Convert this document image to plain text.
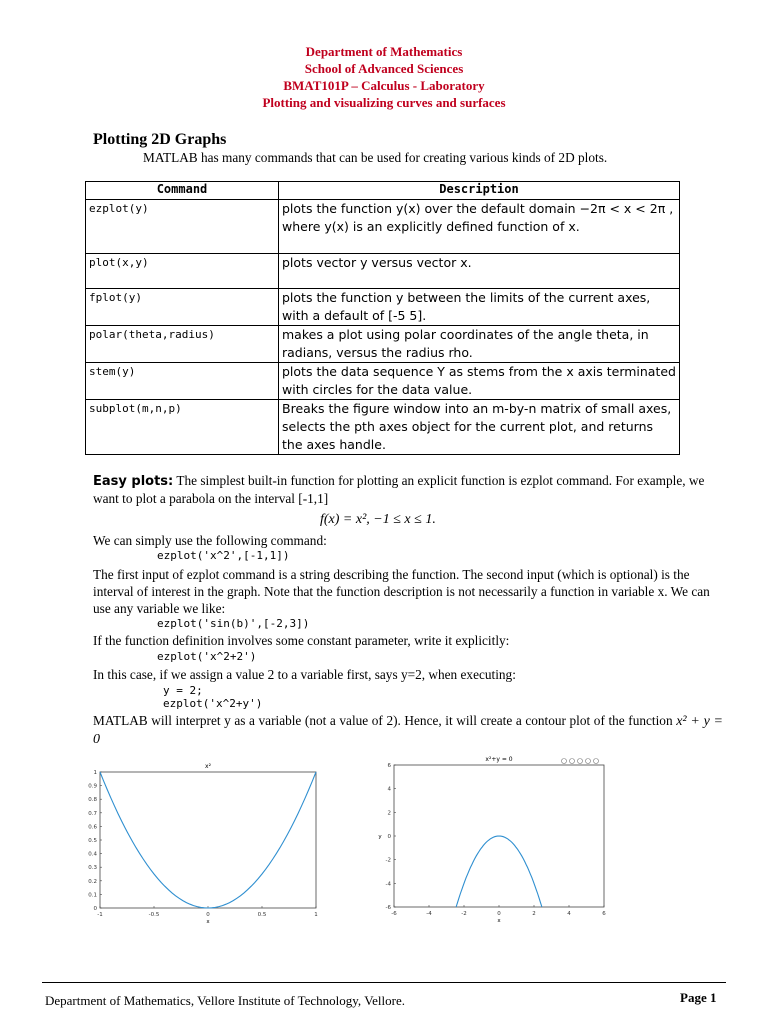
Department of Mathematics
School of Advanced Sciences
BMAT101P – Calculus - Laboratory
Plotting and visualizing curves and surfaces
Plotting 2D Graphs
MATLAB has many commands that can be used for creating various kinds of 2D plots.
Command	Description
ezplot(y)	plots the function y(x) over the default domain −2π < x < 2π , where y(x) is an explicitly defined function of x.
plot(x,y)	plots vector y versus vector x.
fplot(y)	plots the function y between the limits of the current axes, with a default of [-5 5].
polar(theta,radius)	makes a plot using polar coordinates of the angle theta, in radians, versus the radius rho.
stem(y)	plots the data sequence Y as stems from the x axis terminated with circles for the data value.
subplot(m,n,p)	Breaks the figure window into an m-by-n matrix of small axes, selects the pth axes object for the current plot, and returns the axes handle.

Easy plots: The simplest built-in function for plotting an explicit function is ezplot command. For example, we want to plot a parabola on the interval [-1,1]

f(x) = x², −1 ≤ x ≤ 1.

We can simply use the following command:

ezplot('x^2',[-1,1])

The first input of ezplot command is a string describing the function. The second input (which is optional) is the interval of interest in the graph. Note that the function description is not necessarily a function in variable x. We can use any variable we like:

ezplot('sin(b)',[-2,3])

If the function definition involves some constant parameter, write it explicitly:

ezplot('x^2+2')

In this case, if we assign a value 2 to a variable first, says y=2, when executing:

y = 2;
ezplot('x^2+y')

MATLAB will interpret y as a variable (not a value of 2). Hence, it will create a contour plot of the function x² + y = 0

x²
-1	-0.5	0	0.5	1
0
0.1
0.2
0.3
0.4
0.5
0.6
0.7
0.8
0.9
1
x
x²+y = 0
-6	-4	-2	0	2	4	6
-6
-4
-2
0
2
4
6
x
y
Department of Mathematics, Vellore Institute of Technology, Vellore.	Page 1
